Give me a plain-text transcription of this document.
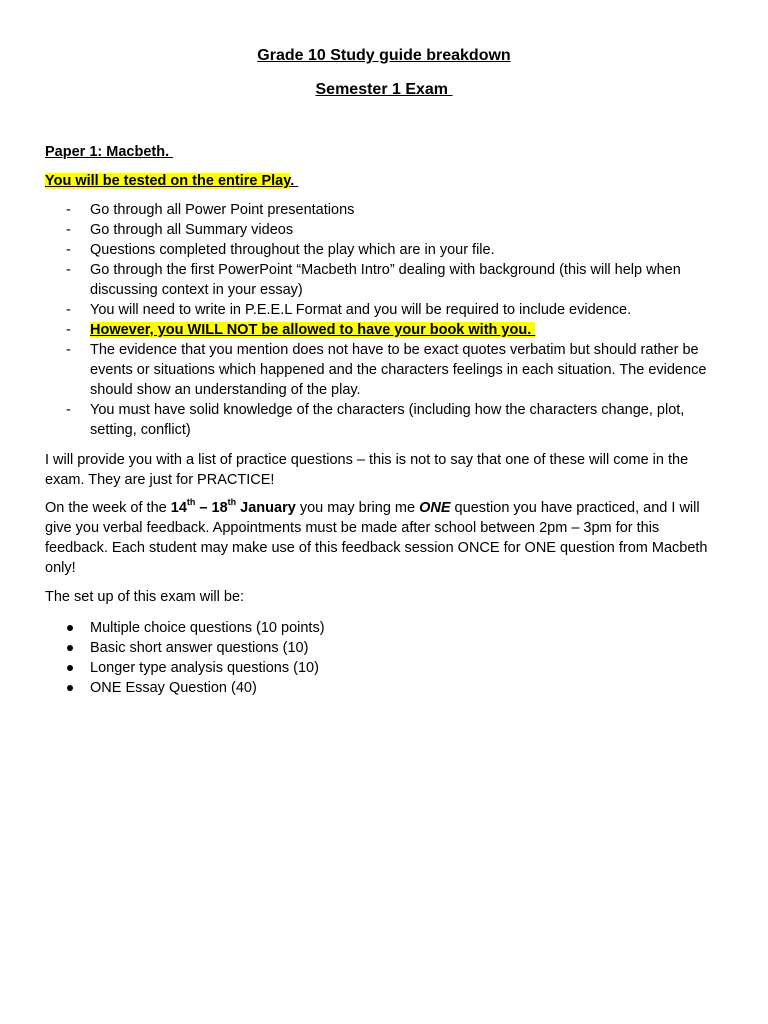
Grade 10 Study guide breakdown
Semester 1 Exam
Paper 1: Macbeth.
You will be tested on the entire Play.
- Go through all Power Point presentations
- Go through all Summary videos
- Questions completed throughout the play which are in your file.
- Go through the first PowerPoint “Macbeth Intro” dealing with background (this will help when discussing context in your essay)
- You will need to write in P.E.E.L Format and you will be required to include evidence.
- However, you WILL NOT be allowed to have your book with you.
- The evidence that you mention does not have to be exact quotes verbatim but should rather be events or situations which happened and the characters feelings in each situation. The evidence should show an understanding of the play.
- You must have solid knowledge of the characters (including how the characters change, plot, setting, conflict)

I will provide you with a list of practice questions – this is not to say that one of these will come in the exam. They are just for PRACTICE!

On the week of the 14th – 18th January you may bring me ONE question you have practiced, and I will give you verbal feedback. Appointments must be made after school between 2pm – 3pm for this feedback. Each student may make use of this feedback session ONCE for ONE question from Macbeth only!

The set up of this exam will be:

Multiple choice questions (10 points)
Basic short answer questions (10)
Longer type analysis questions (10)
ONE Essay Question (40)
